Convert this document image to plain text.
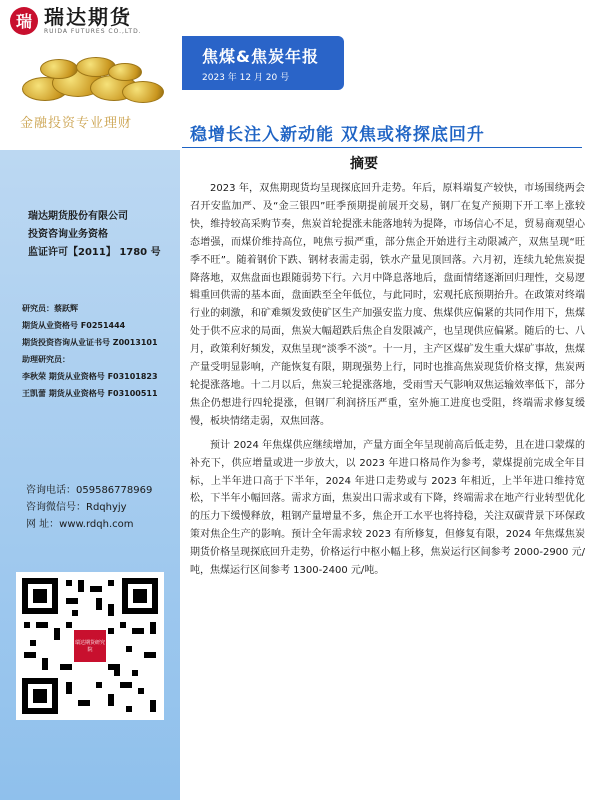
瑞 瑞达期货
RUIDA FUTURES CO.,LTD.
金融投资专业理财
瑞达期货股份有限公司
投资咨询业务资格
监证许可【2011】 1780 号
研究员：蔡跃辉
期货从业资格号 F0251444
期货投资咨询从业证书号 Z0013101
助理研究员：
李秋荣 期货从业资格号 F03101823
王凯蕾 期货从业资格号 F03100511
咨询电话：059586778969
咨询微信号：Rdqhyjy
网 址：www.rdqh.com
瑞达期货研究院
焦煤&焦炭年报
2023 年 12 月 20 号
稳增长注入新动能 双焦或将探底回升
摘要

2023 年，双焦期现货均呈现探底回升走势。年后，原料端复产较快，市场围绕两会召开安监加严、及“金三银四”旺季预期提前展开交易，钢厂在复产预期下开工率上涨较快，维持较高采购节奏，焦炭首轮提涨未能落地转为提降，市场信心不足，贸易商观望心态增强，而煤价维持高位，吨焦亏损严重，部分焦企开始进行主动限减产，双焦呈现“旺季不旺”。随着钢价下跌、钢材表需走弱，铁水产量见顶回落。六月初，连续九轮焦炭提降落地，双焦盘面也跟随弱势下行。六月中降息落地后，盘面情绪逐渐回归理性，交易逻辑重回供需的基本面，盘面跌至全年低位，与此同时，宏观托底预期抬升。在政策对终端行业的刺激，和矿难频发致使矿区生产加强安监力度、焦煤供应偏紧的共同作用下，焦煤处于供不应求的局面，焦炭大幅超跌后焦企自发限减产，也呈现供应偏紧。随后的七、八月，政策利好频发，双焦呈现“淡季不淡”。十一月，主产区煤矿发生重大煤矿事故，焦煤产量受明显影响，产能恢复有限，期现强势上行，同时也推高焦炭现货价格支撑，焦炭两轮提涨落地。十二月以后，焦炭三轮提涨落地，受雨雪天气影响双焦运输效率低下，部分焦企仍想进行四轮提涨，但钢厂利润挤压严重，室外施工进度也受阻，终端需求修复缓慢，板块情绪走弱，双焦回落。

预计 2024 年焦煤供应继续增加，产量方面全年呈现前高后低走势，且在进口蒙煤的补充下，供应增量或进一步放大，以 2023 年进口格局作为参考，蒙煤提前完成全年目标，上半年进口高于下半年，2024 年进口走势或与 2023 年相近，上半年进口维持宽松，下半年小幅回落。需求方面，焦炭出口需求或有下降，终端需求在地产行业转型优化的压力下缓慢释放，粗钢产量增量不多，焦企开工水平也将持稳，关注双碳背景下环保政策对焦企生产的影响。预计全年需求较 2023 有所修复，但修复有限，2024 年焦煤焦炭期货价格呈现探底回升走势，价格运行中枢小幅上移，焦炭运行区间参考 2000-2900 元/吨，焦煤运行区间参考 1300-2400 元/吨。
